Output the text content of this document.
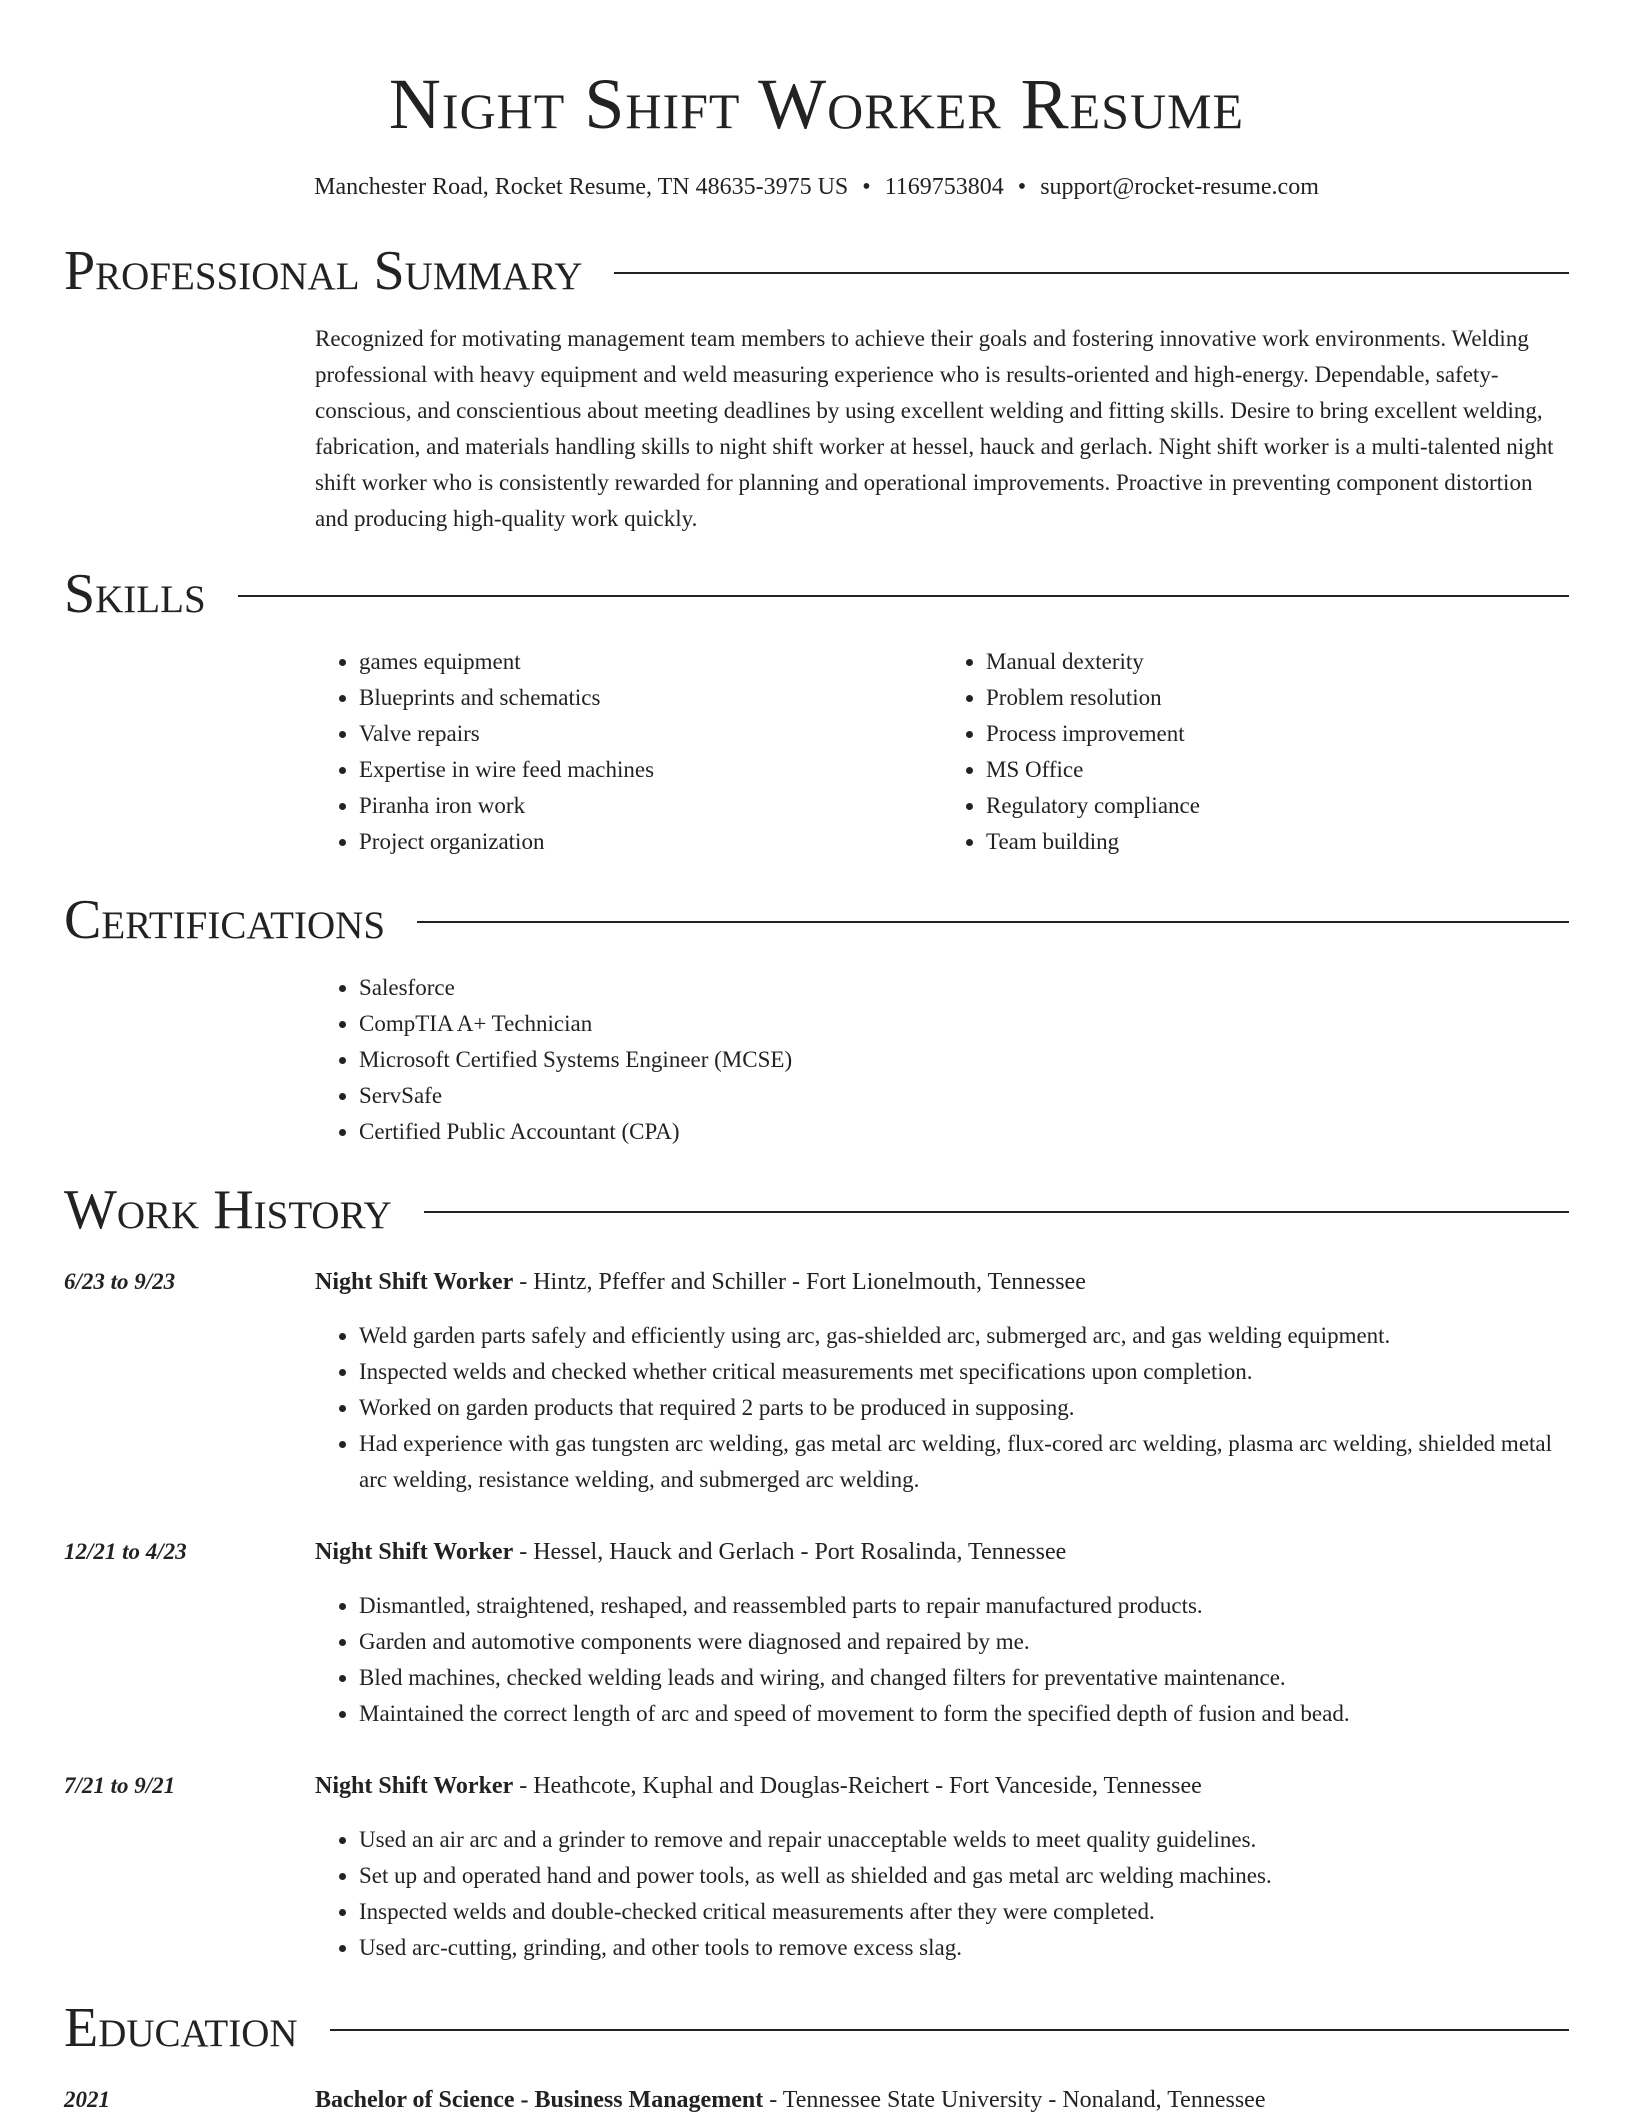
Night Shift Worker Resume
Manchester Road, Rocket Resume, TN 48635-3975 US • 1169753804 • support@rocket-resume.com
Professional Summary
Recognized for motivating management team members to achieve their goals and fostering innovative work environments. Welding professional with heavy equipment and weld measuring experience who is results-oriented and high-energy. Dependable, safety-conscious, and conscientious about meeting deadlines by using excellent welding and fitting skills. Desire to bring excellent welding, fabrication, and materials handling skills to night shift worker at hessel, hauck and gerlach. Night shift worker is a multi-talented night shift worker who is consistently rewarded for planning and operational improvements. Proactive in preventing component distortion and producing high-quality work quickly.
Skills
• games equipment
• Blueprints and schematics
• Valve repairs
• Expertise in wire feed machines
• Piranha iron work
• Project organization
• Manual dexterity
• Problem resolution
• Process improvement
• MS Office
• Regulatory compliance
• Team building
Certifications
• Salesforce
• CompTIA A+ Technician
• Microsoft Certified Systems Engineer (MCSE)
• ServSafe
• Certified Public Accountant (CPA)
Work History
6/23 to 9/23	Night Shift Worker - Hintz, Pfeffer and Schiller - Fort Lionelmouth, Tennessee
• Weld garden parts safely and efficiently using arc, gas-shielded arc, submerged arc, and gas welding equipment.
• Inspected welds and checked whether critical measurements met specifications upon completion.
• Worked on garden products that required 2 parts to be produced in supposing.
• Had experience with gas tungsten arc welding, gas metal arc welding, flux-cored arc welding, plasma arc welding, shielded metal arc welding, resistance welding, and submerged arc welding.
12/21 to 4/23	Night Shift Worker - Hessel, Hauck and Gerlach - Port Rosalinda, Tennessee
• Dismantled, straightened, reshaped, and reassembled parts to repair manufactured products.
• Garden and automotive components were diagnosed and repaired by me.
• Bled machines, checked welding leads and wiring, and changed filters for preventative maintenance.
• Maintained the correct length of arc and speed of movement to form the specified depth of fusion and bead.
7/21 to 9/21	Night Shift Worker - Heathcote, Kuphal and Douglas-Reichert - Fort Vanceside, Tennessee
• Used an air arc and a grinder to remove and repair unacceptable welds to meet quality guidelines.
• Set up and operated hand and power tools, as well as shielded and gas metal arc welding machines.
• Inspected welds and double-checked critical measurements after they were completed.
• Used arc-cutting, grinding, and other tools to remove excess slag.
Education
2021	Bachelor of Science - Business Management - Tennessee State University - Nonaland, Tennessee
